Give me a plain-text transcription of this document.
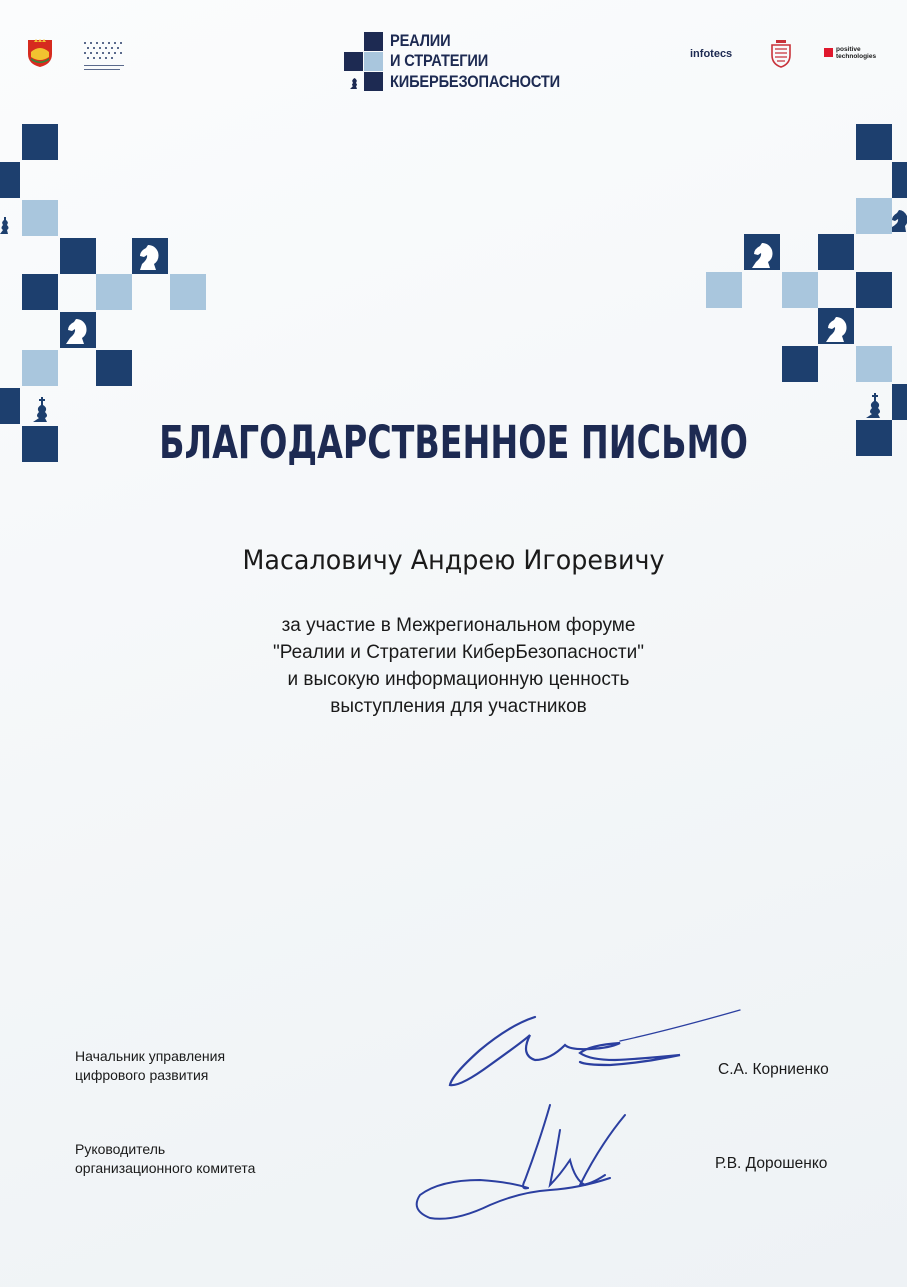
РЕАЛИИ
И СТРАТЕГИИ
КИБЕРБЕЗОПАСНОСТИ
infotecs	positive
technologies
БЛАГОДАРСТВЕННОЕ ПИСЬМО
Масаловичу Андрею Игоревичу
за участие в Межрегиональном форуме
"Реалии и Стратегии КиберБезопасности"
и высокую информационную ценность
выступления для участников
Начальник управления
цифрового развития	С.А. Корниенко
Руководитель
организационного комитета	Р.В. Дорошенко
